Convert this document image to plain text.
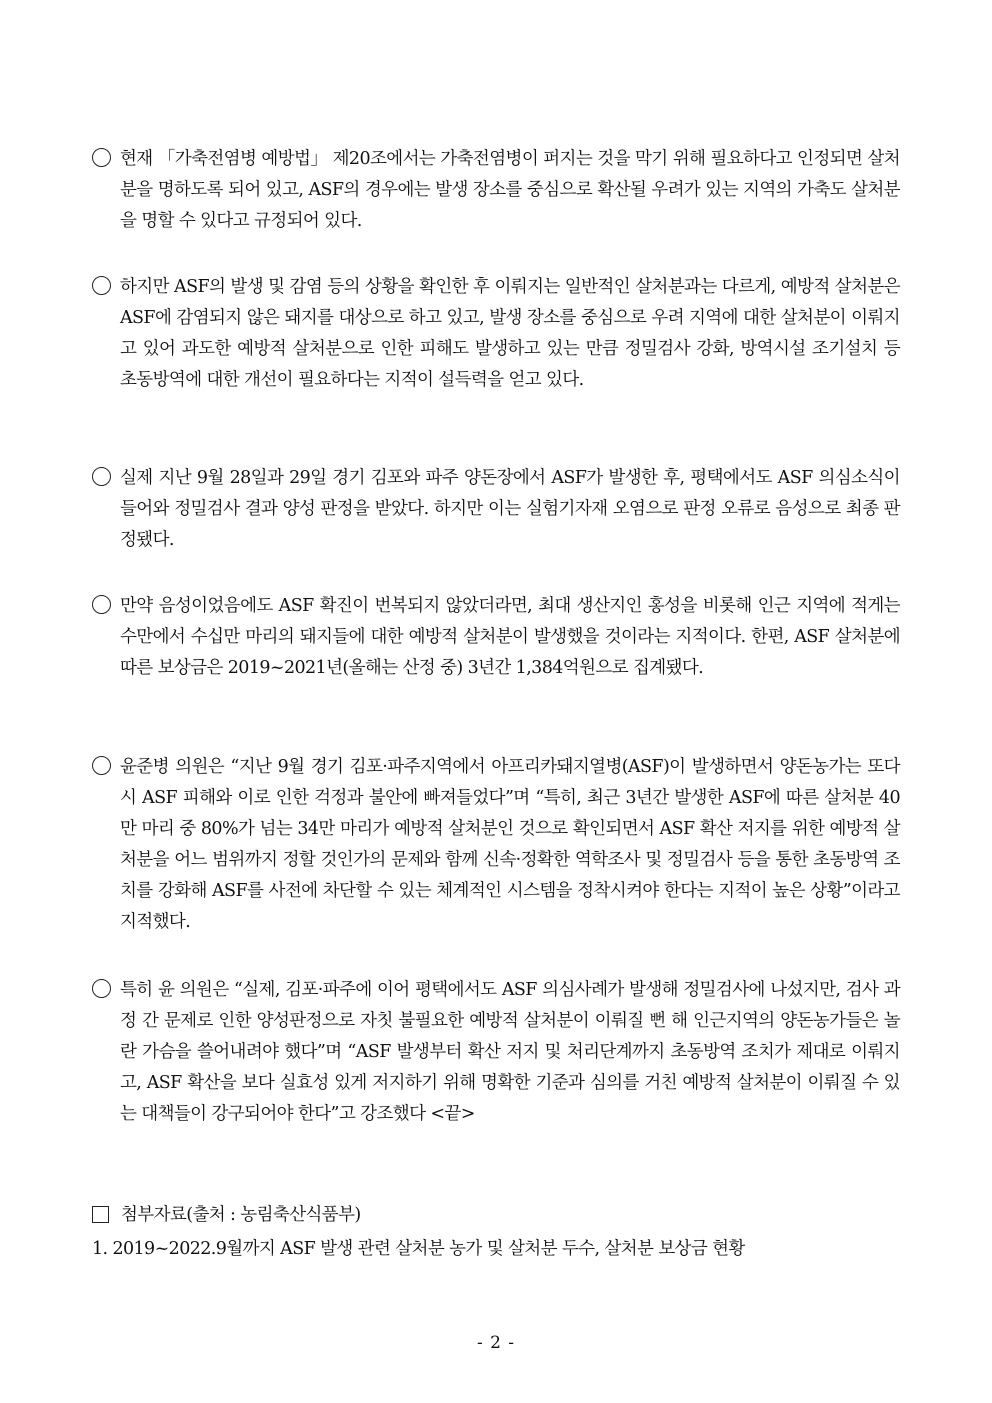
현재 「가축전염병 예방법」 제20조에서는 가축전염병이 퍼지는 것을 막기 위해 필요하다고 인정되면 살처분을 명하도록 되어 있고, ASF의 경우에는 발생 장소를 중심으로 확산될 우려가 있는 지역의 가축도 살처분을 명할 수 있다고 규정되어 있다.
하지만 ASF의 발생 및 감염 등의 상황을 확인한 후 이뤄지는 일반적인 살처분과는 다르게, 예방적 살처분은 ASF에 감염되지 않은 돼지를 대상으로 하고 있고, 발생 장소를 중심으로 우려 지역에 대한 살처분이 이뤄지고 있어 과도한 예방적 살처분으로 인한 피해도 발생하고 있는 만큼 정밀검사 강화, 방역시설 조기설치 등 초동방역에 대한 개선이 필요하다는 지적이 설득력을 얻고 있다.
실제 지난 9월 28일과 29일 경기 김포와 파주 양돈장에서 ASF가 발생한 후, 평택에서도 ASF 의심소식이 들어와 정밀검사 결과 양성 판정을 받았다. 하지만 이는 실험기자재 오염으로 판정 오류로 음성으로 최종 판정됐다.
만약 음성이었음에도 ASF 확진이 번복되지 않았더라면, 최대 생산지인 홍성을 비롯해 인근 지역에 적게는 수만에서 수십만 마리의 돼지들에 대한 예방적 살처분이 발생했을 것이라는 지적이다. 한편, ASF 살처분에 따른 보상금은 2019~2021년(올해는 산정 중) 3년간 1,384억원으로 집계됐다.
윤준병 의원은 “지난 9월 경기 김포·파주지역에서 아프리카돼지열병(ASF)이 발생하면서 양돈농가는 또다시 ASF 피해와 이로 인한 걱정과 불안에 빠져들었다”며 “특히, 최근 3년간 발생한 ASF에 따른 살처분 40만 마리 중 80%가 넘는 34만 마리가 예방적 살처분인 것으로 확인되면서 ASF 확산 저지를 위한 예방적 살처분을 어느 범위까지 정할 것인가의 문제와 함께 신속·정확한 역학조사 및 정밀검사 등을 통한 초동방역 조치를 강화해 ASF를 사전에 차단할 수 있는 체계적인 시스템을 정착시켜야 한다는 지적이 높은 상황”이라고 지적했다.
특히 윤 의원은 “실제, 김포·파주에 이어 평택에서도 ASF 의심사례가 발생해 정밀검사에 나섰지만, 검사 과정 간 문제로 인한 양성판정으로 자칫 불필요한 예방적 살처분이 이뤄질 뻔 해 인근지역의 양돈농가들은 놀란 가슴을 쓸어내려야 했다”며 “ASF 발생부터 확산 저지 및 처리단계까지 초동방역 조치가 제대로 이뤄지고, ASF 확산을 보다 실효성 있게 저지하기 위해 명확한 기준과 심의를 거친 예방적 살처분이 이뤄질 수 있는 대책들이 강구되어야 한다”고 강조했다 <끝>
첨부자료(출처 : 농림축산식품부)
1. 2019~2022.9월까지 ASF 발생 관련 살처분 농가 및 살처분 두수, 살처분 보상금 현황
- 2 -
